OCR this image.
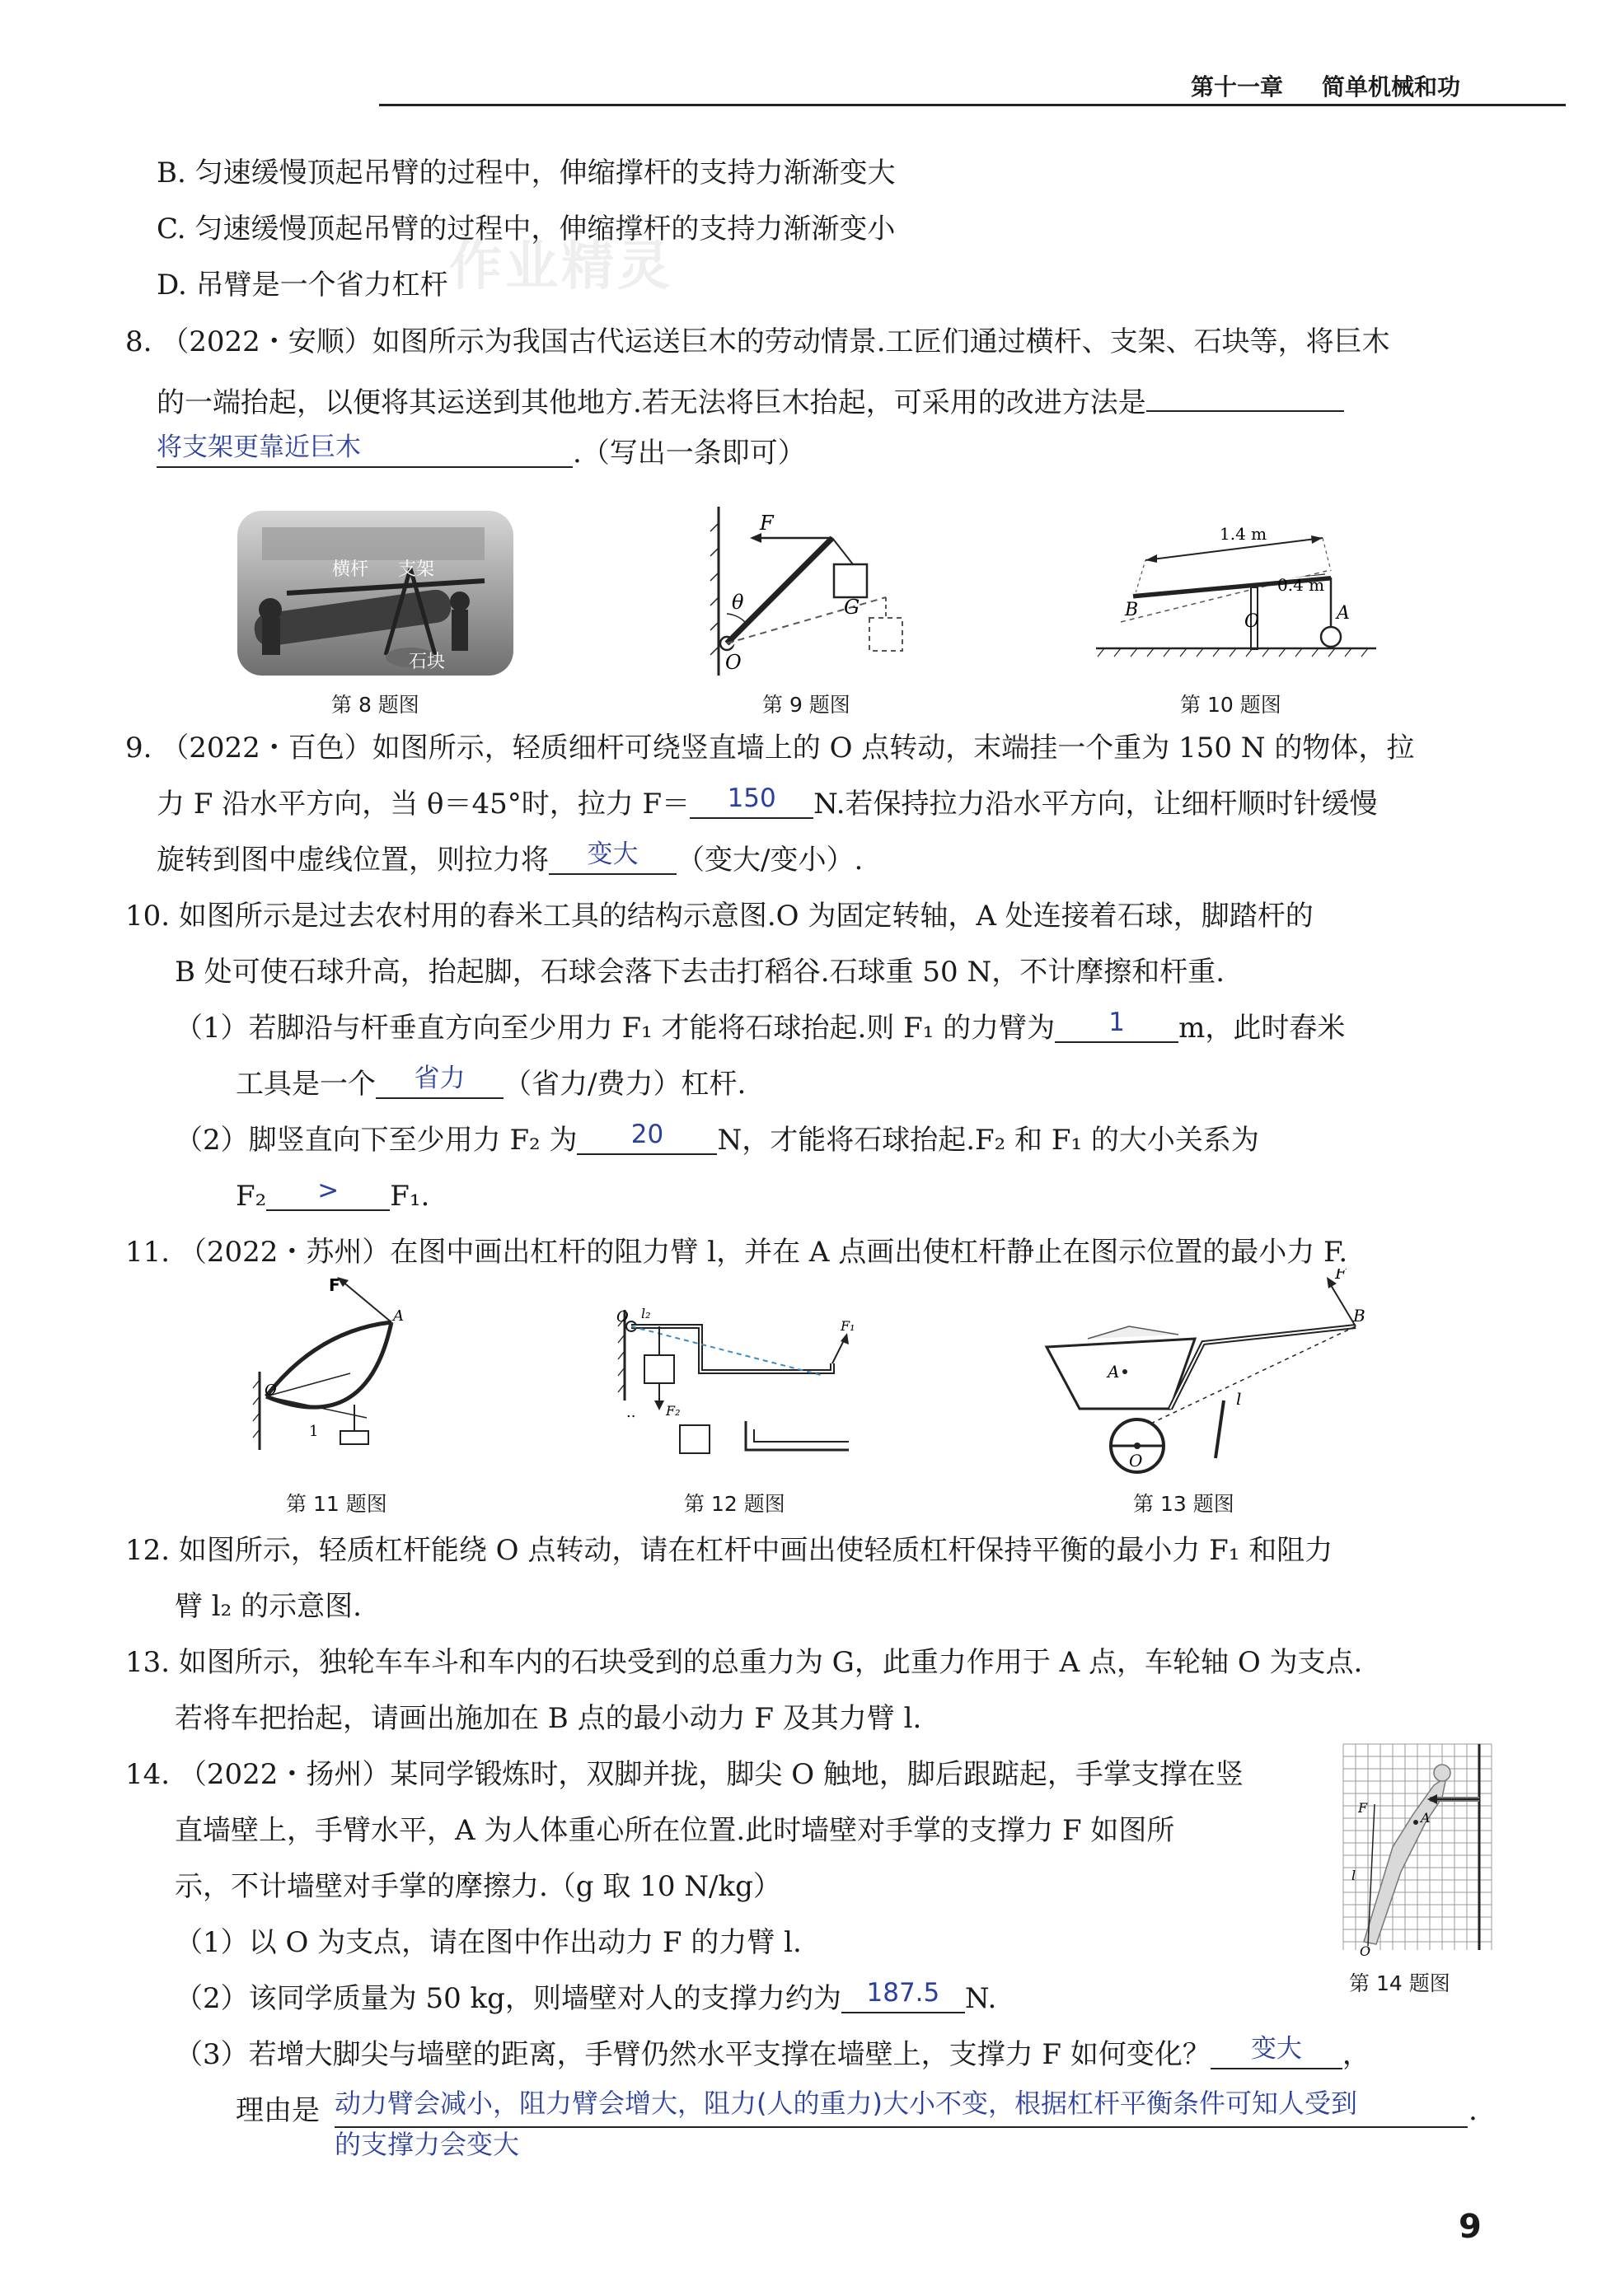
第十一章 简单机械和功
作业精灵
B. 匀速缓慢顶起吊臂的过程中，伸缩撑杆的支持力渐渐变大
C. 匀速缓慢顶起吊臂的过程中，伸缩撑杆的支持力渐渐变小
D. 吊臂是一个省力杠杆
8. （2022・安顺）如图所示为我国古代运送巨木的劳动情景.工匠们通过横杆、支架、石块等，将巨木
的一端抬起，以便将其运送到其他地方.若无法将巨木抬起，可采用的改进方法是
将支架更靠近巨木	.（写出一条即可）
横杆 支架
石块
第 8 题图
F
θ	G
O
第 9 题图
1.4 m
0.4 m
B
O	A
第 10 题图
9. （2022・百色）如图所示，轻质细杆可绕竖直墙上的 O 点转动，末端挂一个重为 150 N 的物体，拉
力 F 沿水平方向，当 θ＝45°时，拉力 F＝ 150 N.若保持拉力沿水平方向，让细杆顺时针缓慢
旋转到图中虚线位置，则拉力将 变大 （变大/变小）.
10. 如图所示是过去农村用的舂米工具的结构示意图.O 为固定转轴，A 处连接着石球，脚踏杆的
B 处可使石球升高，抬起脚，石球会落下去击打稻谷.石球重 50 N，不计摩擦和杆重.
（1）若脚沿与杆垂直方向至少用力 F₁ 才能将石球抬起.则 F₁ 的力臂为 1 m，此时舂米
工具是一个 省力 （省力/费力）杠杆.
（2）脚竖直向下至少用力 F₂ 为 20 N，才能将石球抬起.F₂ 和 F₁ 的大小关系为
F₂ > F₁.
11. （2022・苏州）在图中画出杠杆的阻力臂 l，并在 A 点画出使杠杆静止在图示位置的最小力 F.
F
A
O
1
第 11 题图
..
O l₂
F₁
F₂
第 12 题图
F
B
A
O
l
第 13 题图
12. 如图所示，轻质杠杆能绕 O 点转动，请在杠杆中画出使轻质杠杆保持平衡的最小力 F₁ 和阻力
臂 l₂ 的示意图.
13. 如图所示，独轮车车斗和车内的石块受到的总重力为 G，此重力作用于 A 点，车轮轴 O 为支点.
若将车把抬起，请画出施加在 B 点的最小动力 F 及其力臂 l.
14. （2022・扬州）某同学锻炼时，双脚并拢，脚尖 O 触地，脚后跟踮起，手掌支撑在竖
直墙壁上，手臂水平，A 为人体重心所在位置.此时墙壁对手掌的支撑力 F 如图所
示，不计墙壁对手掌的摩擦力.（g 取 10 N/kg）
（1）以 O 为支点，请在图中作出动力 F 的力臂 l.
（2）该同学质量为 50 kg，则墙壁对人的支撑力约为 187.5 N.
（3）若增大脚尖与墙壁的距离，手臂仍然水平支撑在墙壁上，支撑力 F 如何变化？ 变大 ，
理由是	.
动力臂会减小，阻力臂会增大，阻力(人的重力)大小不变，根据杠杆平衡条件可知人受到
的支撑力会变大
F
A
O
l
第 14 题图
9
